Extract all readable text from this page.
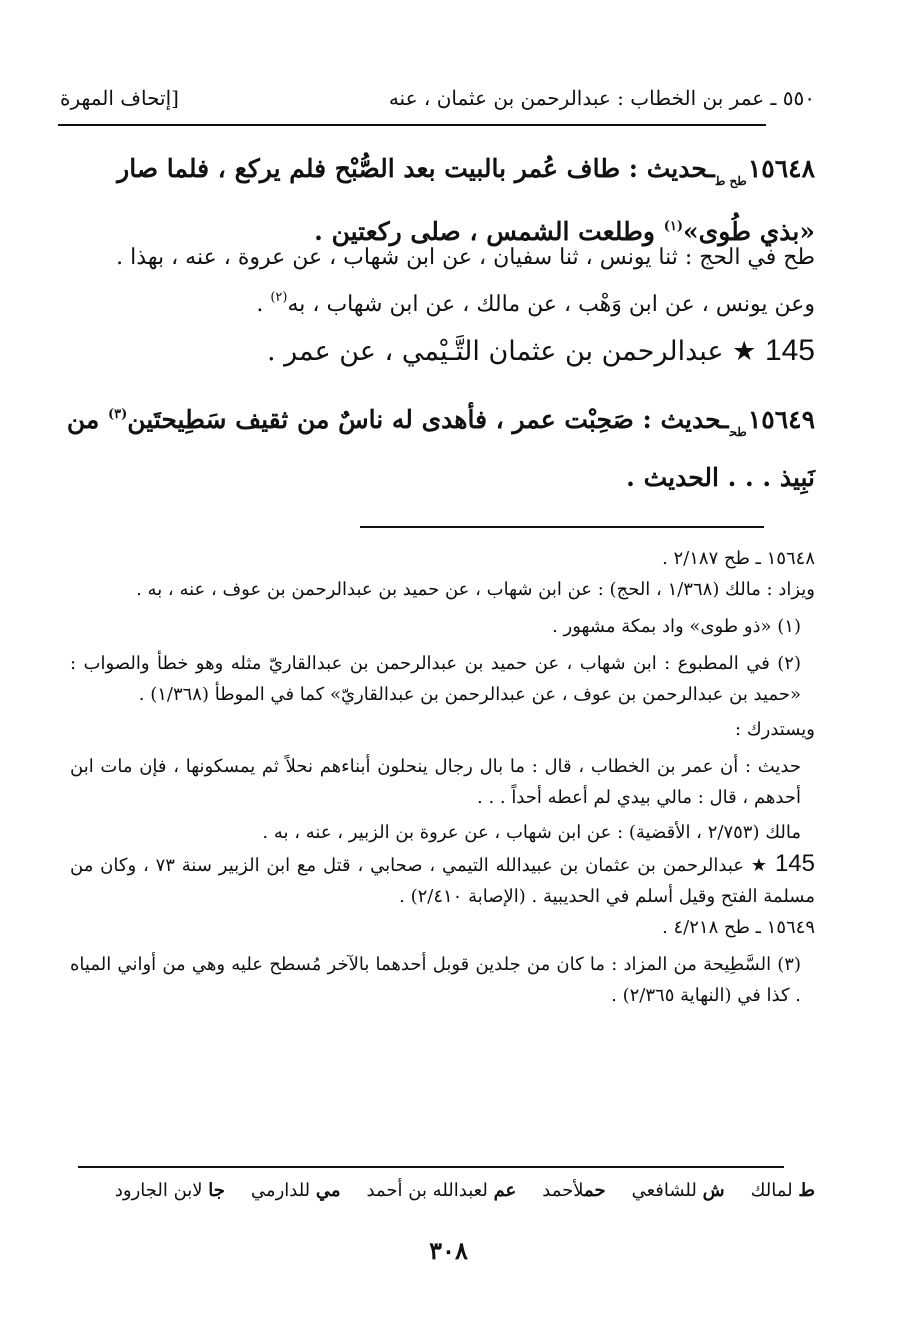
٥٥٠ ـ عمر بن الخطاب : عبدالرحمن بن عثمان ، عنه
[إتحاف المهرة
$١٥٦٤٨_{طح ط}ـحديث$ : طاف عُمر بالبيت بعد الصُّبْح فلم يركع ، فلما صار «بذي طُوى»$^{(١)}$ وطلعت الشمس ، صلى ركعتين .
طح في الحج : ثنا يونس ، ثنا سفيان ، عن ابن شهاب ، عن عروة ، عنه ، بهذا .
وعن يونس ، عن ابن وَهْب ، عن مالك ، عن ابن شهاب ، به$^{(٢)}$ .
145 ★ عبدالرحمن بن عثمان التَّـيْمي ، عن عمر .
$١٥٦٤٩_{طح}ـحديث$ : صَحِبْت عمر ، فأهدى له ناسٌ من ثقيف سَطِيحتَين$^{(٣)}$ من نَبِيذ . . . الحديث .
١٥٦٤٨ ـ طح ٢/١٨٧ .
ويزاد : مالك (١/٣٦٨ ، الحج) : عن ابن شهاب ، عن حميد بن عبدالرحمن بن عوف ، عنه ، به .
(١) «ذو طوى» واد بمكة مشهور .
(٢) في المطبوع : ابن شهاب ، عن حميد بن عبدالرحمن بن عبدالقاريّ مثله وهو خطأ والصواب : «حميد بن عبدالرحمن بن عوف ، عن عبدالرحمن بن عبدالقاريّ» كما في الموطأ (١/٣٦٨) .
ويستدرك :
حديث : أن عمر بن الخطاب ، قال : ما بال رجال ينحلون أبناءهم نحلاً ثم يمسكونها ، فإن مات ابن أحدهم ، قال : مالي بيدي لم أعطه أحداً . . .
مالك (٢/٧٥٣ ، الأقضية) : عن ابن شهاب ، عن عروة بن الزبير ، عنه ، به .
145 ★ عبدالرحمن بن عثمان بن عبيدالله التيمي ، صحابي ، قتل مع ابن الزبير سنة ٧٣ ، وكان من مسلمة الفتح وقيل أسلم في الحديبية . (الإصابة ٢/٤١٠) .
١٥٦٤٩ ـ طح ٤/٢١٨ .
(٣) السَّطِيحة من المزاد : ما كان من جلدين قوبل أحدهما بالآخر مُسطح عليه وهي من أواني المياه . كذا في (النهاية ٢/٣٦٥) .
ط لمالك
ش للشافعي
حملأحمد
عم لعبدالله بن أحمد
مي للدارمي
جا لابن الجارود
٣٠٨
